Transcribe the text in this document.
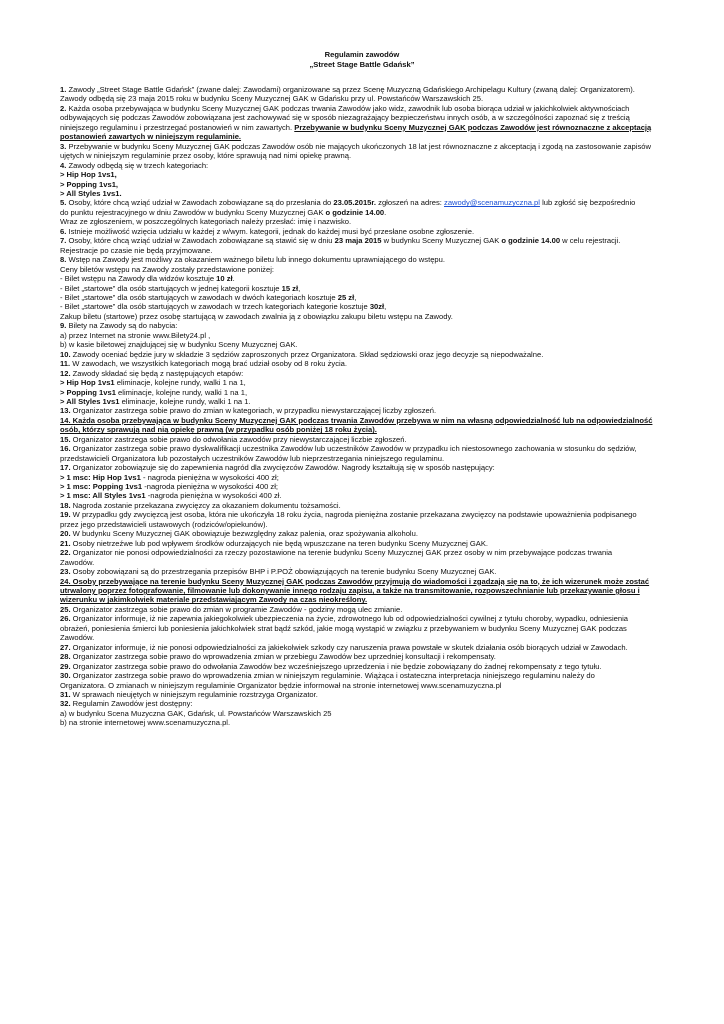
Regulamin zawodów
„Street Stage Battle Gdańsk”
1. Zawody „Street Stage Battle Gdańsk” (zwane dalej: Zawodami) organizowane są przez Scenę Muzyczną Gdańskiego Archipelagu Kultury (zwaną dalej: Organizatorem).
Zawody odbędą się 23 maja 2015 roku w budynku Sceny Muzycznej GAK w Gdańsku przy ul. Powstańców Warszawskich 25.
2. Każda osoba przebywająca w budynku Sceny Muzycznej GAK podczas trwania Zawodów jako widz, zawodnik lub osoba biorąca udział w jakichkolwiek aktywnościach
odbywających się podczas Zawodów zobowiązana jest zachowywać się w sposób niezagrażający bezpieczeństwu innych osób, a w szczególności zapoznać się z treścią
niniejszego regulaminu i przestrzegać postanowień w nim zawartych. Przebywanie w budynku Sceny Muzycznej GAK podczas Zawodów jest równoznaczne z akceptacją
postanowień zawartych w niniejszym regulaminie.
3. Przebywanie w budynku Sceny Muzycznej GAK podczas Zawodów osób nie mających ukończonych 18 lat jest równoznaczne z akceptacją i zgodą na zastosowanie zapisów
ujętych w niniejszym regulaminie przez osoby, które sprawują nad nimi opiekę prawną.
4. Zawody odbędą się w trzech kategoriach:
> Hip Hop 1vs1,
> Popping 1vs1,
> All Styles 1vs1.
5. Osoby, które chcą wziąć udział w Zawodach zobowiązane są do przesłania do 23.05.2015r. zgłoszeń na adres: zawody@scenamuzyczna.pl lub zgłość się bezpośrednio
do punktu rejestracyjnego w dniu Zawodów w budynku Sceny Muzycznej GAK o godzinie 14.00.
Wraz ze zgłoszeniem, w poszczególnych kategoriach należy przesłać: imię i nazwisko.
6. Istnieje możliwość wzięcia udziału w każdej z w/wym. kategorii, jednak do każdej musi być przesłane osobne zgłoszenie.
7. Osoby, które chcą wziąć udział w Zawodach zobowiązane są stawić się w dniu 23 maja 2015 w budynku Sceny Muzycznej GAK o godzinie 14.00 w celu rejestracji.
Rejestracje po czasie nie będą przyjmowane.
8. Wstęp na Zawody jest możliwy za okazaniem ważnego biletu lub innego dokumentu uprawniającego do wstępu.
Ceny biletów wstępu na Zawody zostały przedstawione poniżej:
- Bilet wstępu na Zawody dla widzów kosztuje 10 zł.
- Bilet „startowe” dla osób startujących w jednej kategorii kosztuje 15 zł,
- Bilet „startowe” dla osób startujących w zawodach w dwóch kategoriach kosztuje 25 zł,
- Bilet „startowe” dla osób startujących w zawodach w trzech kategoriach kategorie kosztuje 30zł,
Zakup biletu (startowe) przez osobę startującą w zawodach zwalnia ją z obowiązku zakupu biletu wstępu na Zawody.
9. Bilety na Zawody są do nabycia:
a) przez Internet na stronie www.Bilety24.pl ,
b) w kasie biletowej znajdującej się w budynku Sceny Muzycznej GAK.
10. Zawody oceniać będzie jury w składzie 3 sędziów zaproszonych przez Organizatora. Skład sędziowski oraz jego decyzje są niepodważalne.
11. W zawodach, we wszystkich kategoriach mogą brać udział osoby od 8 roku życia.
12. Zawody składać się będą z następujących etapów:
> Hip Hop 1vs1 eliminacje, kolejne rundy, walki 1 na 1,
> Popping 1vs1 eliminacje, kolejne rundy, walki 1 na 1,
> All Styles 1vs1 eliminacje, kolejne rundy, walki 1 na 1.
13. Organizator zastrzega sobie prawo do zmian w kategoriach, w przypadku niewystarczającej liczby zgłoszeń.
14. Każda osoba przebywająca w budynku Sceny Muzycznej GAK podczas trwania Zawodów przebywa w nim na własną odpowiedzialność lub na odpowiedzialność
osób, którzy sprawują nad nią opiekę prawną (w przypadku osób poniżej 18 roku życia).
15. Organizator zastrzega sobie prawo do odwołania zawodów przy niewystarczającej liczbie zgłoszeń.
16. Organizator zastrzega sobie prawo dyskwalifikacji uczestnika Zawodów lub uczestników Zawodów w przypadku ich niestosownego zachowania w stosunku do sędziów,
przedstawicieli Organizatora lub pozostałych uczestników Zawodów lub nieprzestrzegania niniejszego regulaminu.
17. Organizator zobowiązuje się do zapewnienia nagród dla zwycięzców Zawodów. Nagrody kształtują się w sposób następujący:
> 1 msc: Hip Hop 1vs1 - nagroda pieniężna w wysokości 400 zł;
> 1 msc: Popping 1vs1 -nagroda pieniężna w wysokości 400 zł;
> 1 msc: All Styles 1vs1 -nagroda pieniężna w wysokości 400 zł.
18. Nagroda zostanie przekazana zwycięzcy za okazaniem dokumentu tożsamości.
19. W przypadku gdy zwycięzcą jest osoba, która nie ukończyła 18 roku życia, nagroda pieniężna zostanie przekazana zwycięzcy na podstawie upoważnienia podpisanego
przez jego przedstawicieli ustawowych (rodziców/opiekunów).
20. W budynku Sceny Muzycznej GAK obowiązuje bezwzględny zakaz palenia, oraz spożywania alkoholu.
21. Osoby nietrzeźwe lub pod wpływem środków odurzających nie będą wpuszczane na teren budynku Sceny Muzycznej GAK.
22. Organizator nie ponosi odpowiedzialności za rzeczy pozostawione na terenie budynku Sceny Muzycznej GAK przez osoby w nim przebywające podczas trwania
Zawodów.
23. Osoby zobowiązani są do przestrzegania przepisów BHP i P.POŻ obowiązujących na terenie budynku Sceny Muzycznej GAK.
24. Osoby przebywające na terenie budynku Sceny Muzycznej GAK podczas Zawodów przyjmują do wiadomości i zgadzają się na to, że ich wizerunek może zostać
utrwalony poprzez fotografowanie, filmowanie lub dokonywanie innego rodzaju zapisu, a także na transmitowanie, rozpowszechnianie lub przekazywanie głosu i
wizerunku w jakimkolwiek materiale przedstawiającym Zawody na czas nieokreślony.
25. Organizator zastrzega sobie prawo do zmian w programie Zawodów - godziny mogą ulec zmianie.
26. Organizator informuje, iż nie zapewnia jakiegokolwiek ubezpieczenia na życie, zdrowotnego lub od odpowiedzialności cywilnej z tytułu choroby, wypadku, odniesienia
obrażeń, poniesienia śmierci lub poniesienia jakichkolwiek strat bądź szkód, jakie mogą wystąpić w związku z przebywaniem w budynku Sceny Muzycznej GAK podczas
Zawodów.
27. Organizator informuje, iż nie ponosi odpowiedzialności za jakiekolwiek szkody czy naruszenia prawa powstałe w skutek działania osób biorących udział w Zawodach.
28. Organizator zastrzega sobie prawo do wprowadzenia zmian w przebiegu Zawodów bez uprzedniej konsultacji i rekompensaty.
29. Organizator zastrzega sobie prawo do odwołania Zawodów bez wcześniejszego uprzedzenia i nie będzie zobowiązany do żadnej rekompensaty z tego tytułu.
30. Organizator zastrzega sobie prawo do wprowadzenia zmian w niniejszym regulaminie. Wiążąca i ostateczna interpretacja niniejszego regulaminu należy do
Organizatora. O zmianach w niniejszym regulaminie Organizator będzie informował na stronie internetowej www.scenamuzyczna.pl
31. W sprawach nieujętych w niniejszym regulaminie rozstrzyga Organizator.
32. Regulamin Zawodów jest dostępny:
a) w budynku Scena Muzyczna GAK, Gdańsk, ul. Powstańców Warszawskich 25
b) na stronie internetowej www.scenamuzyczna.pl.
